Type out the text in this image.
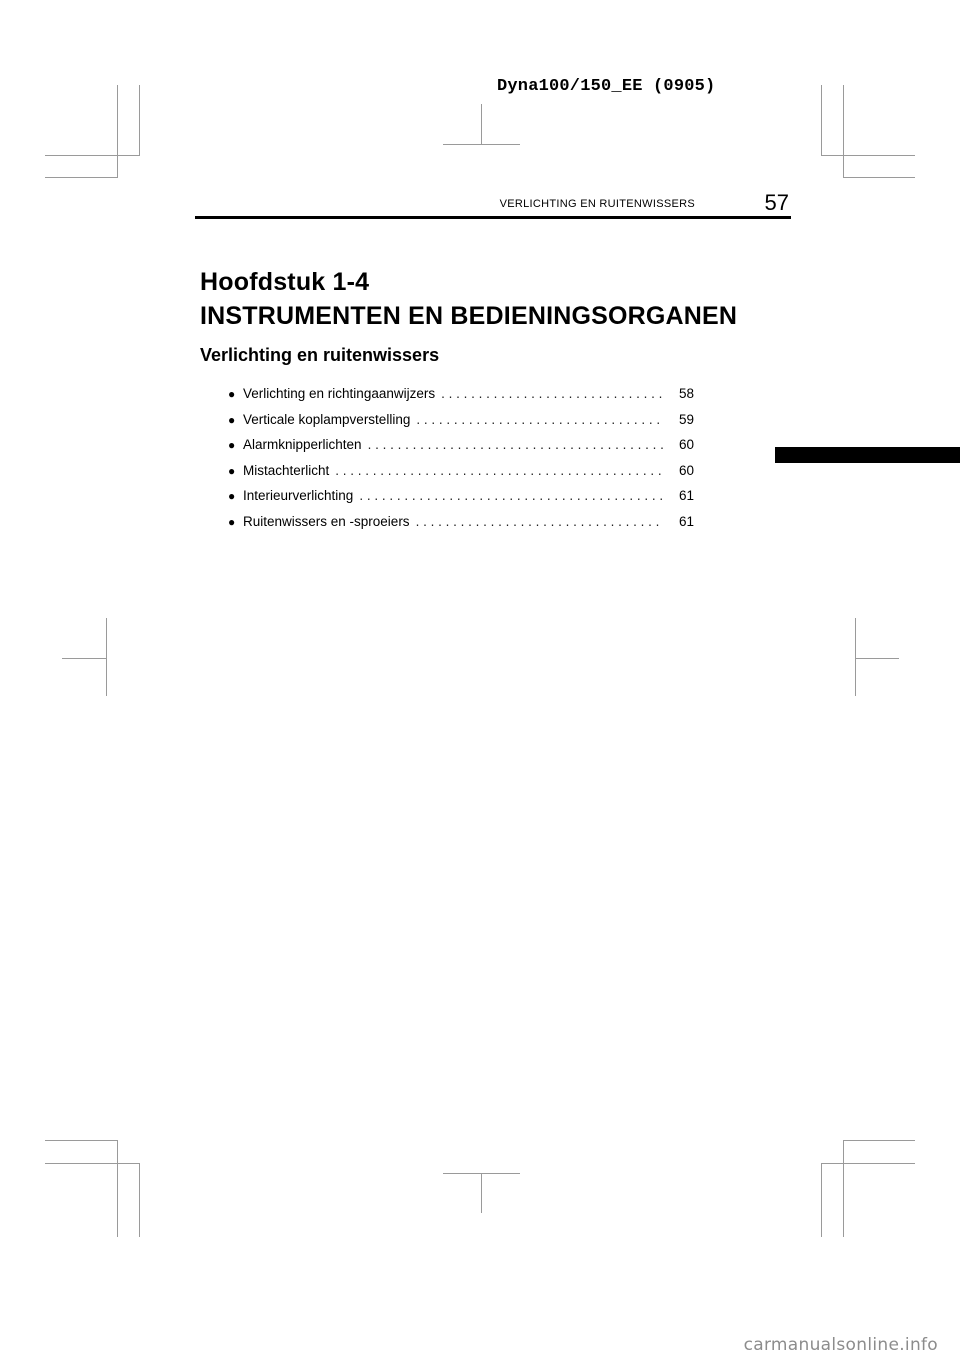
Dyna100/150_EE (0905)
VERLICHTING EN RUITENWISSERS	57
Hoofdstuk 1-4
INSTRUMENTEN EN BEDIENINGSORGANEN
Verlichting en ruitenwissers
● Verlichting en richtingaanwijzers . . .	58
● Verticale koplampverstelling . . .	59
● Alarmknipperlichten . . .	60
● Mistachterlicht . . .	60
● Interieurverlichting . . .	61
● Ruitenwissers en -sproeiers . . .	61
carmanualsonline.info
